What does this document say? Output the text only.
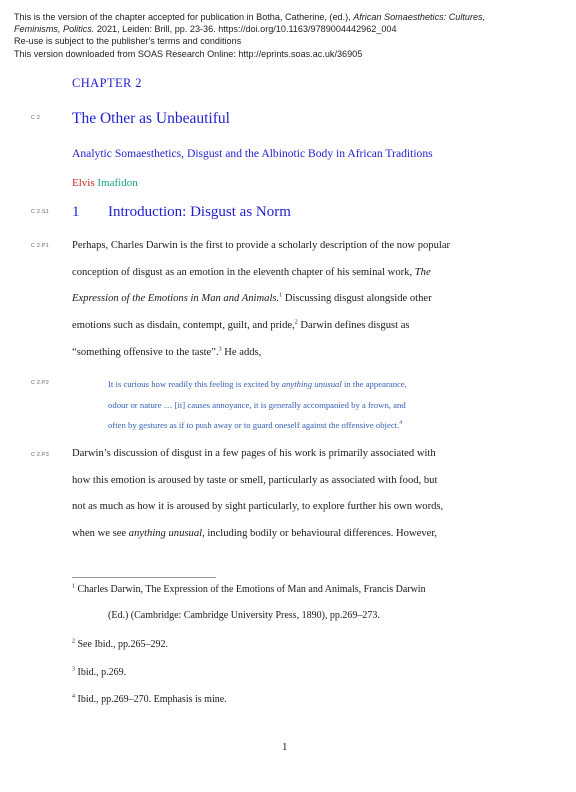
This is the version of the chapter accepted for publication in Botha, Catherine, (ed.), African Somaesthetics: Cultures,
Feminisms, Politics. 2021, Leiden: Brill, pp. 23-36. https://doi.org/10.1163/9789004442962_004
Re-use is subject to the publisher's terms and conditions
This version downloaded from SOAS Research Online: http://eprints.soas.ac.uk/36905
CHAPTER 2
C 2 The Other as Unbeautiful
Analytic Somaesthetics, Disgust and the Albinotic Body in African Traditions
Elvis Imafidon
C 2.S1 1 Introduction: Disgust as Norm
C 2.P1 Perhaps, Charles Darwin is the first to provide a scholarly description of the now popular
conception of disgust as an emotion in the eleventh chapter of his seminal work, The
Expression of the Emotions in Man and Animals.$^1$ Discussing disgust alongside other
emotions such as disdain, contempt, guilt, and pride,$^2$ Darwin defines disgust as
“something offensive to the taste”.$^3$ He adds,
C 2.P2	It is curious how readily this feeling is excited by anything unusual in the appearance,
odour or nature … [it] causes annoyance, it is generally accompanied by a frown, and
often by gestures as if to push away or to guard oneself against the offensive object.$^4$
C 2.P3 Darwin’s discussion of disgust in a few pages of his work is primarily associated with
how this emotion is aroused by taste or smell, particularly as associated with food, but
not as much as how it is aroused by sight particularly, to explore further his own words,
when we see anything unusual, including bodily or behavioural differences. However,
$^1$ Charles Darwin, The Expression of the Emotions of Man and Animals, Francis Darwin
(Ed.) (Cambridge: Cambridge University Press, 1890), pp.269–273.
$^2$ See Ibid., pp.265–292.
$^3$ Ibid., p.269.
$^4$ Ibid., pp.269–270. Emphasis is mine.
1
